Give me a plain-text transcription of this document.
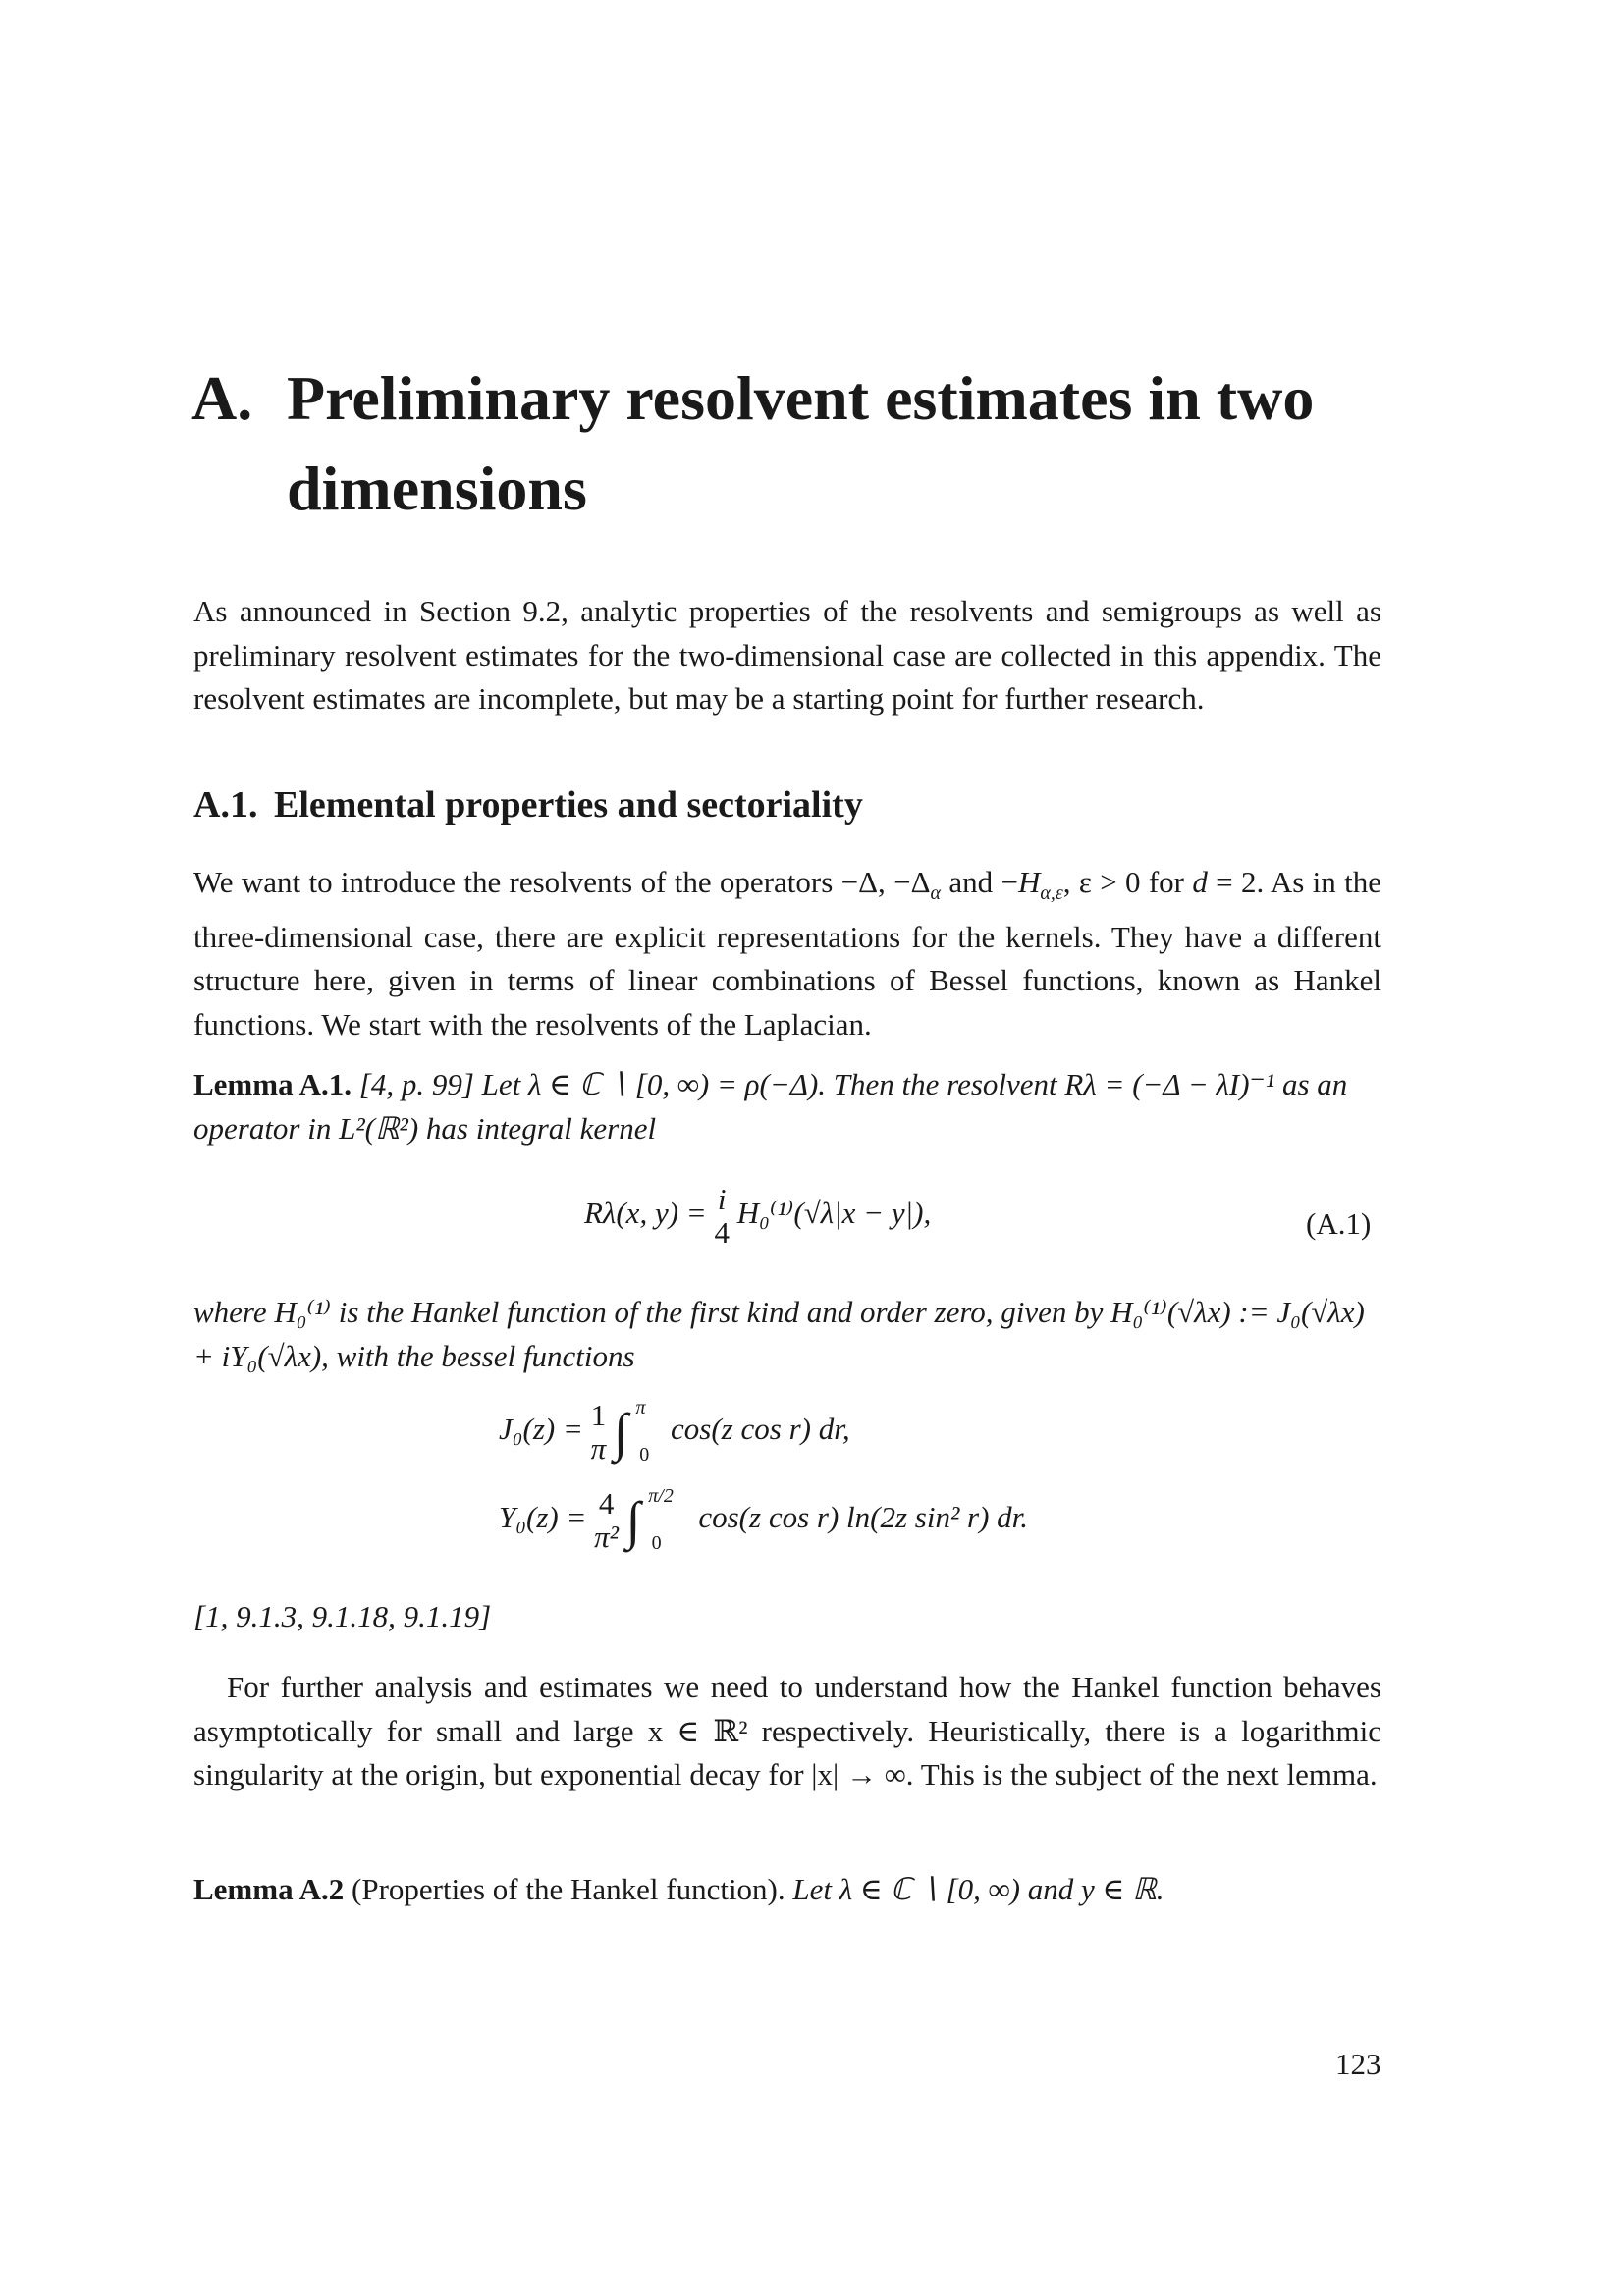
A. Preliminary resolvent estimates in two dimensions
As announced in Section 9.2, analytic properties of the resolvents and semigroups as well as preliminary resolvent estimates for the two-dimensional case are collected in this appendix. The resolvent estimates are incomplete, but may be a starting point for further research.
A.1. Elemental properties and sectoriality
We want to introduce the resolvents of the operators −Δ, $-\Delta_\alpha$ and $-H_{\alpha,\varepsilon}$, ε > 0 for d = 2. As in the three-dimensional case, there are explicit representations for the kernels. They have a different structure here, given in terms of linear combinations of Bessel functions, known as Hankel functions. We start with the resolvents of the Laplacian.
Lemma A.1. [4, p. 99] Let λ ∈ ℂ ∖ [0, ∞) = ρ(−Δ). Then the resolvent Rλ = (−Δ − λI)⁻¹ as an operator in L²(ℝ²) has integral kernel
Rλ(x, y) = i
4
H₀⁽¹⁾(√λ|x − y|),	(A.1)
where H₀⁽¹⁾ is the Hankel function of the first kind and order zero, given by H₀⁽¹⁾(√λx) := J₀(√λx) + iY₀(√λx), with the bessel functions
J₀(z) = 1
π ∫ $^\pi$ $_0$ cos(z cos r) dr,
Y₀(z) = 4
π² ∫ $^{\pi/2}$ $_0$ cos(z cos r) ln(2z sin² r) dr.
[1, 9.1.3, 9.1.18, 9.1.19]
For further analysis and estimates we need to understand how the Hankel function behaves asymptotically for small and large x ∈ ℝ² respectively. Heuristically, there is a logarithmic singularity at the origin, but exponential decay for |x| → ∞. This is the subject of the next lemma.
Lemma A.2 (Properties of the Hankel function). Let λ ∈ ℂ ∖ [0, ∞) and y ∈ ℝ.
123
